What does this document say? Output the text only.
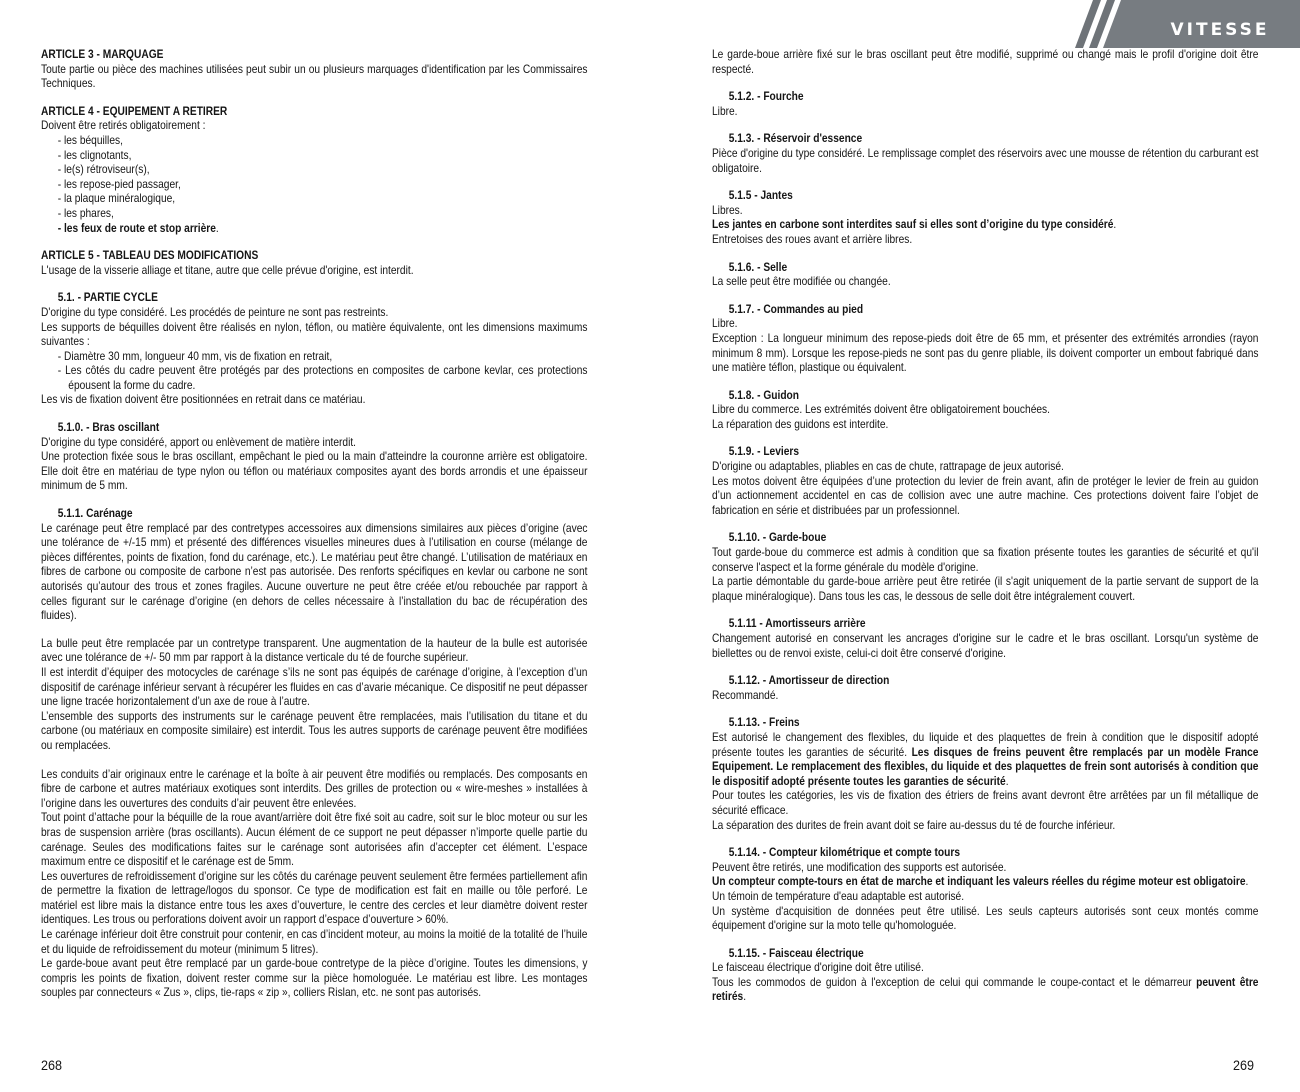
VITESSE

ARTICLE 3 - MARQUAGE

Toute partie ou pièce des machines utilisées peut subir un ou plusieurs marquages d'identification par les Commissaires Techniques.

ARTICLE 4 - EQUIPEMENT A RETIRER

Doivent être retirés obligatoirement :

- les béquilles,

- les clignotants,

- le(s) rétroviseur(s),

- les repose-pied passager,

- la plaque minéralogique,

- les phares,

- les feux de route et stop arrière.

ARTICLE 5 - TABLEAU DES MODIFICATIONS

L'usage de la visserie alliage et titane, autre que celle prévue d'origine, est interdit.

5.1. - PARTIE CYCLE

D'origine du type considéré. Les procédés de peinture ne sont pas restreints.

Les supports de béquilles doivent être réalisés en nylon, téflon, ou matière équivalente, ont les dimensions maximums suivantes :

- Diamètre 30 mm, longueur 40 mm, vis de fixation en retrait,

- Les côtés du cadre peuvent être protégés par des protections en composites de carbone kevlar, ces protections épousent la forme du cadre.

Les vis de fixation doivent être positionnées en retrait dans ce matériau.

5.1.0. - Bras oscillant

D'origine du type considéré, apport ou enlèvement de matière interdit.

Une protection fixée sous le bras oscillant, empêchant le pied ou la main d'atteindre la couronne arrière est obligatoire. Elle doit être en matériau de type nylon ou téflon ou matériaux composites ayant des bords arrondis et une épaisseur minimum de 5 mm.

5.1.1. Carénage

Le carénage peut être remplacé par des contretypes accessoires aux dimensions similaires aux pièces d’origine (avec une tolérance de +/-15 mm) et présenté des différences visuelles mineures dues à l’utilisation en course (mélange de pièces différentes, points de fixation, fond du carénage, etc.). Le matériau peut être changé. L’utilisation de matériaux en fibres de carbone ou composite de carbone n’est pas autorisée. Des renforts spécifiques en kevlar ou carbone ne sont autorisés qu’autour des trous et zones fragiles. Aucune ouverture ne peut être créée et/ou rebouchée par rapport à celles figurant sur le carénage d’origine (en dehors de celles nécessaire à l’installation du bac de récupération des fluides).

La bulle peut être remplacée par un contretype transparent. Une augmentation de la hauteur de la bulle est autorisée avec une tolérance de +/- 50 mm par rapport à la distance verticale du té de fourche supérieur.

Il est interdit d’équiper des motocycles de carénage s’ils ne sont pas équipés de carénage d’origine, à l’exception d’un dispositif de carénage inférieur servant à récupérer les fluides en cas d’avarie mécanique. Ce dispositif ne peut dépasser une ligne tracée horizontalement d’un axe de roue à l’autre.

L’ensemble des supports des instruments sur le carénage peuvent être remplacées, mais l’utilisation du titane et du carbone (ou matériaux en composite similaire) est interdit. Tous les autres supports de carénage peuvent être modifiées ou remplacées.

Les conduits d’air originaux entre le carénage et la boîte à air peuvent être modifiés ou remplacés. Des composants en fibre de carbone et autres matériaux exotiques sont interdits. Des grilles de protection ou « wire-meshes » installées à l’origine dans les ouvertures des conduits d’air peuvent être enlevées.

Tout point d’attache pour la béquille de la roue avant/arrière doit être fixé soit au cadre, soit sur le bloc moteur ou sur les bras de suspension arrière (bras oscillants). Aucun élément de ce support ne peut dépasser n’importe quelle partie du carénage. Seules des modifications faites sur le carénage sont autorisées afin d’accepter cet élément. L’espace maximum entre ce dispositif et le carénage est de 5mm.

Les ouvertures de refroidissement d’origine sur les côtés du carénage peuvent seulement être fermées partiellement afin de permettre la fixation de lettrage/logos du sponsor. Ce type de modification est fait en maille ou tôle perforé. Le matériel est libre mais la distance entre tous les axes d’ouverture, le centre des cercles et leur diamètre doivent rester identiques. Les trous ou perforations doivent avoir un rapport d’espace d’ouverture > 60%.

Le carénage inférieur doit être construit pour contenir, en cas d’incident moteur, au moins la moitié de la totalité de l’huile et du liquide de refroidissement du moteur (minimum 5 litres).

Le garde-boue avant peut être remplacé par un garde-boue contretype de la pièce d’origine. Toutes les dimensions, y compris les points de fixation, doivent rester comme sur la pièce homologuée. Le matériau est libre. Les montages souples par connecteurs « Zus », clips, tie-raps « zip », colliers Rislan, etc. ne sont pas autorisés.

Le garde-boue arrière fixé sur le bras oscillant peut être modifié, supprimé ou changé mais le profil d'origine doit être respecté.

5.1.2. - Fourche

Libre.

5.1.3. - Réservoir d'essence

Pièce d'origine du type considéré. Le remplissage complet des réservoirs avec une mousse de rétention du carburant est obligatoire.

5.1.5 - Jantes

Libres.

Les jantes en carbone sont interdites sauf si elles sont d’origine du type considéré.

Entretoises des roues avant et arrière libres.

5.1.6. - Selle

La selle peut être modifiée ou changée.

5.1.7. - Commandes au pied

Libre.

Exception : La longueur minimum des repose-pieds doit être de 65 mm, et présenter des extrémités arrondies (rayon minimum 8 mm). Lorsque les repose-pieds ne sont pas du genre pliable, ils doivent comporter un embout fabriqué dans une matière téflon, plastique ou équivalent.

5.1.8. - Guidon

Libre du commerce. Les extrémités doivent être obligatoirement bouchées.

La réparation des guidons est interdite.

5.1.9. - Leviers

D'origine ou adaptables, pliables en cas de chute, rattrapage de jeux autorisé.

Les motos doivent être équipées d’une protection du levier de frein avant, afin de protéger le levier de frein au guidon d’un actionnement accidentel en cas de collision avec une autre machine. Ces protections doivent faire l’objet de fabrication en série et distribuées par un professionnel.

5.1.10. - Garde-boue

Tout garde-boue du commerce est admis à condition que sa fixation présente toutes les garanties de sécurité et qu'il conserve l'aspect et la forme générale du modèle d'origine.

La partie démontable du garde-boue arrière peut être retirée (il s'agit uniquement de la partie servant de support de la plaque minéralogique). Dans tous les cas, le dessous de selle doit être intégralement couvert.

5.1.11 - Amortisseurs arrière

Changement autorisé en conservant les ancrages d'origine sur le cadre et le bras oscillant. Lorsqu'un système de biellettes ou de renvoi existe, celui-ci doit être conservé d'origine.

5.1.12. - Amortisseur de direction

Recommandé.

5.1.13. - Freins

Est autorisé le changement des flexibles, du liquide et des plaquettes de frein à condition que le dispositif adopté présente toutes les garanties de sécurité. Les disques de freins peuvent être remplacés par un modèle France Equipement. Le remplacement des flexibles, du liquide et des plaquettes de frein sont autorisés à condition que le dispositif adopté présente toutes les garanties de sécurité.

Pour toutes les catégories, les vis de fixation des étriers de freins avant devront être arrêtées par un fil métallique de sécurité efficace.

La séparation des durites de frein avant doit se faire au-dessus du té de fourche inférieur.

5.1.14. - Compteur kilométrique et compte tours

Peuvent être retirés, une modification des supports est autorisée.

Un compteur compte-tours en état de marche et indiquant les valeurs réelles du régime moteur est obligatoire.

Un témoin de température d'eau adaptable est autorisé.

Un système d'acquisition de données peut être utilisé. Les seuls capteurs autorisés sont ceux montés comme équipement d'origine sur la moto telle qu'homologuée.

5.1.15. - Faisceau électrique

Le faisceau électrique d'origine doit être utilisé.

Tous les commodos de guidon à l'exception de celui qui commande le coupe-contact et le démarreur peuvent être retirés.

268	269
